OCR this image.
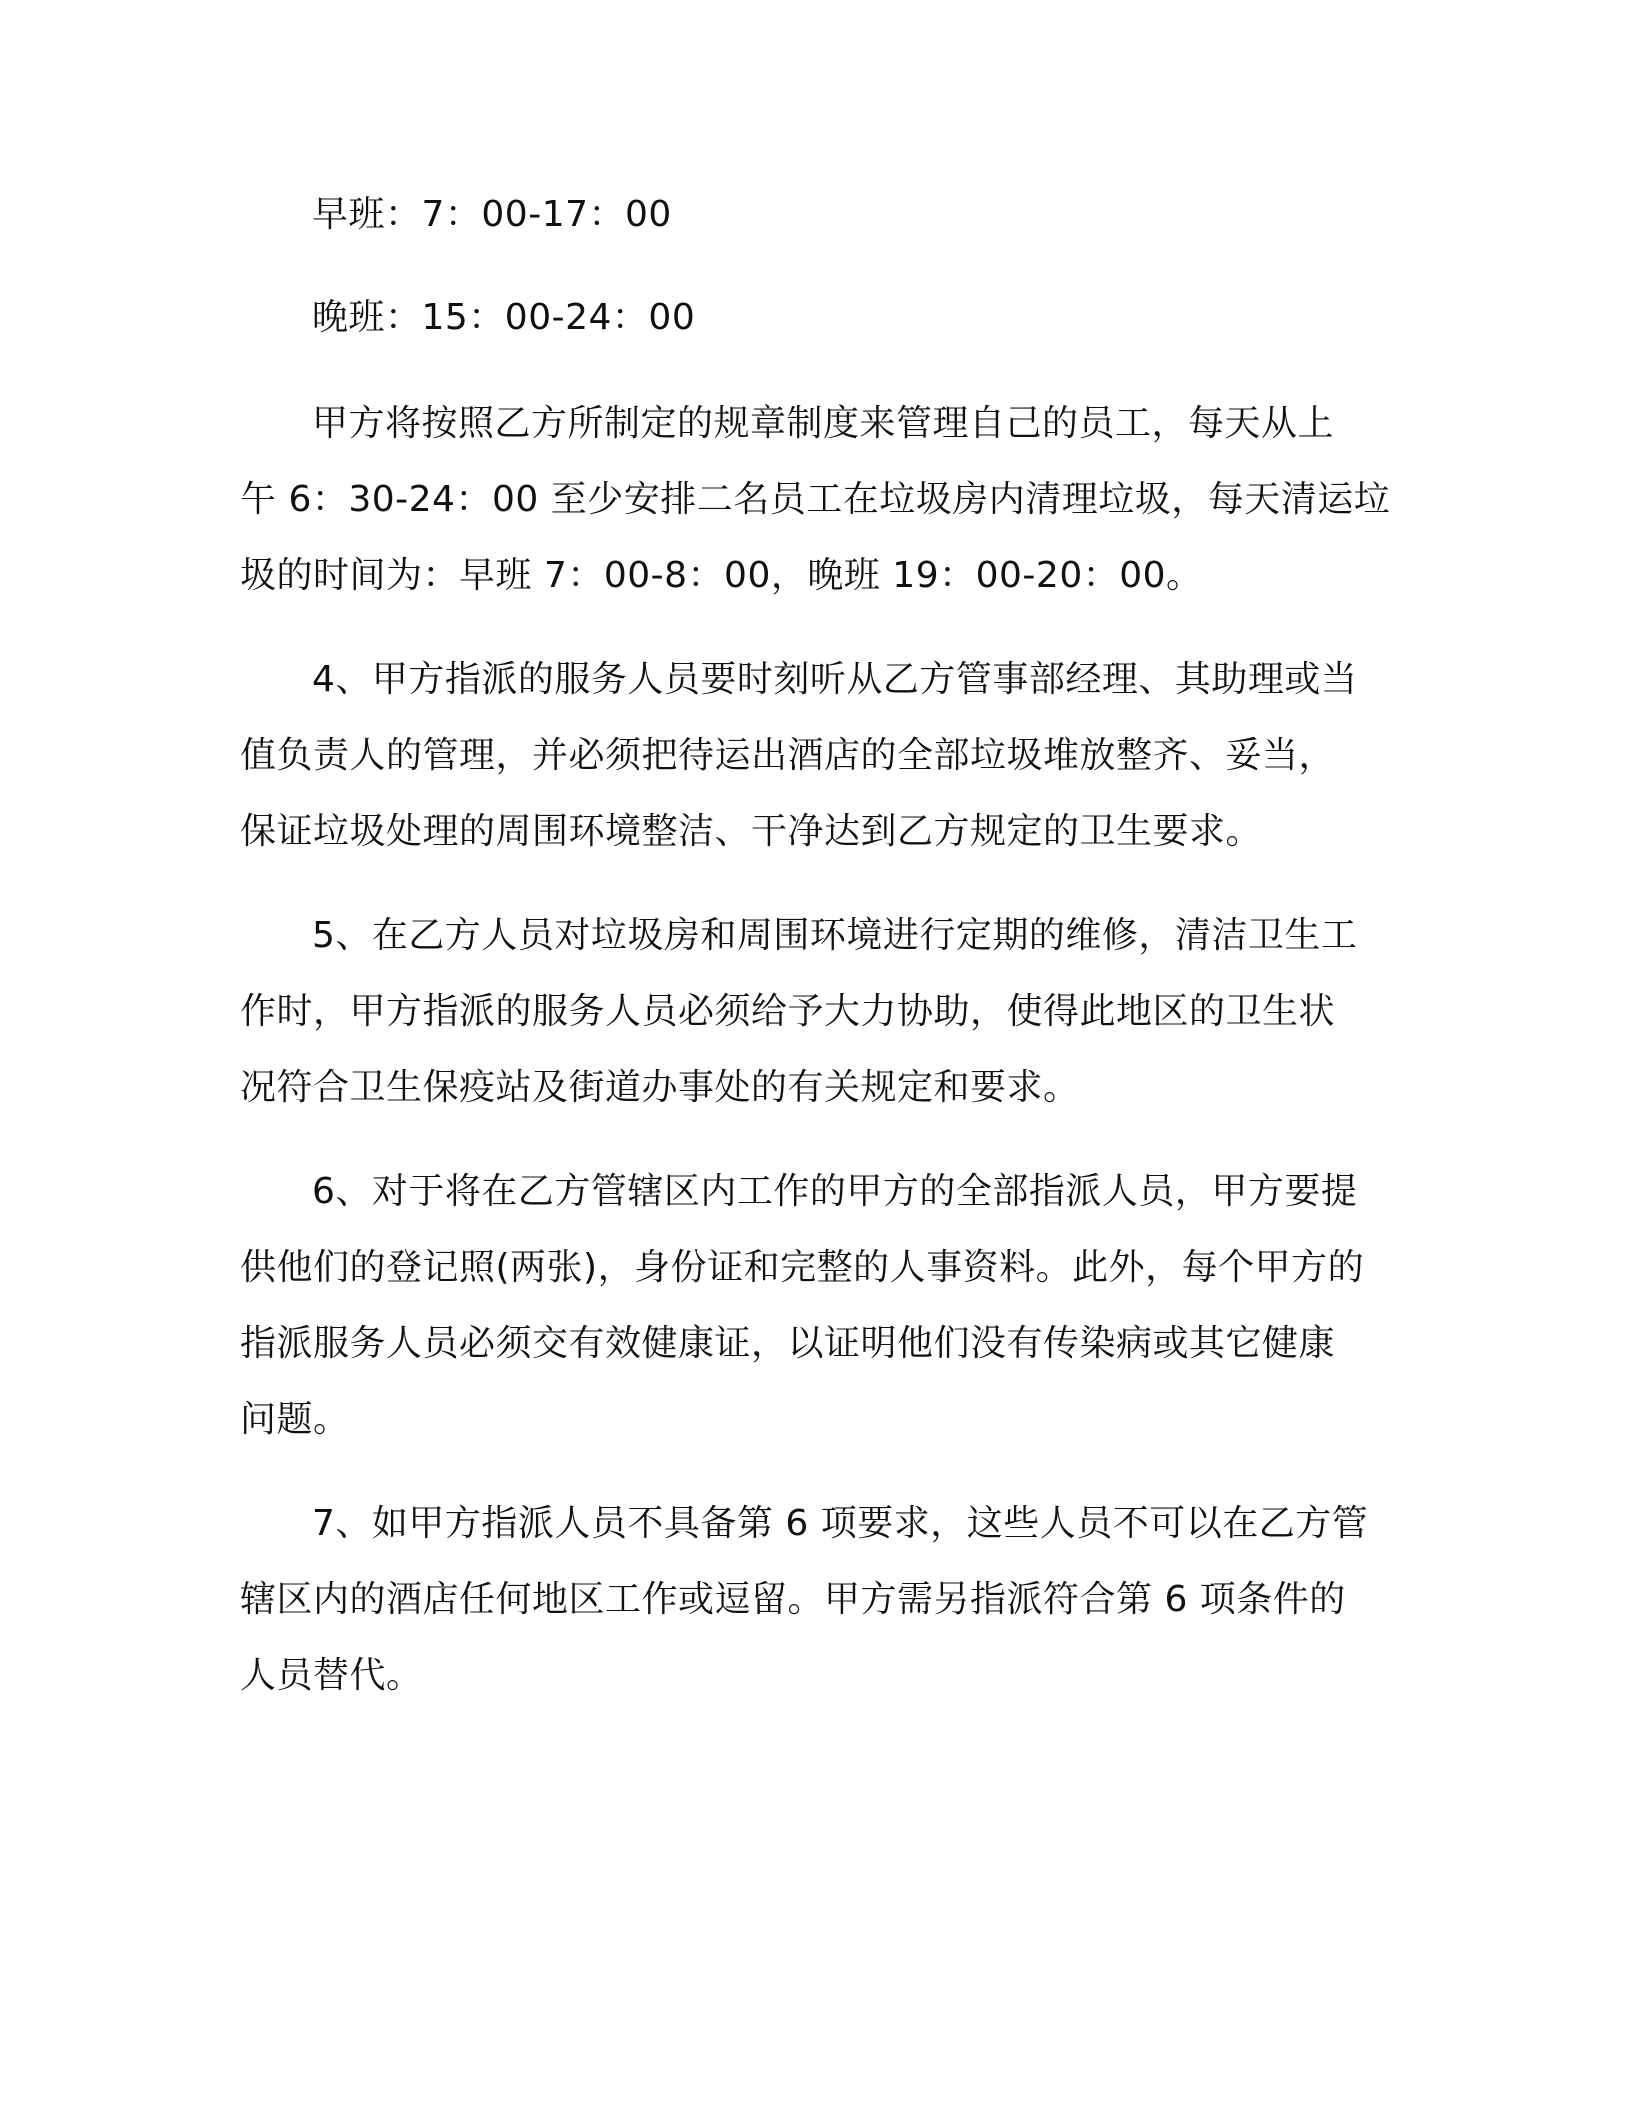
早班：7：00-17：00

晚班：15：00-24：00

甲方将按照乙方所制定的规章制度来管理自己的员工，每天从上

午 6：30-24：00 至少安排二名员工在垃圾房内清理垃圾，每天清运垃

圾的时间为：早班 7：00-8：00，晚班 19：00-20：00。

4、甲方指派的服务人员要时刻听从乙方管事部经理、其助理或当

值负责人的管理，并必须把待运出酒店的全部垃圾堆放整齐、妥当，

保证垃圾处理的周围环境整洁、干净达到乙方规定的卫生要求。

5、在乙方人员对垃圾房和周围环境进行定期的维修，清洁卫生工

作时，甲方指派的服务人员必须给予大力协助，使得此地区的卫生状

况符合卫生保疫站及街道办事处的有关规定和要求。

6、对于将在乙方管辖区内工作的甲方的全部指派人员，甲方要提

供他们的登记照(两张)，身份证和完整的人事资料。此外，每个甲方的

指派服务人员必须交有效健康证，以证明他们没有传染病或其它健康

问题。

7、如甲方指派人员不具备第 6 项要求，这些人员不可以在乙方管

辖区内的酒店任何地区工作或逗留。甲方需另指派符合第 6 项条件的

人员替代。
